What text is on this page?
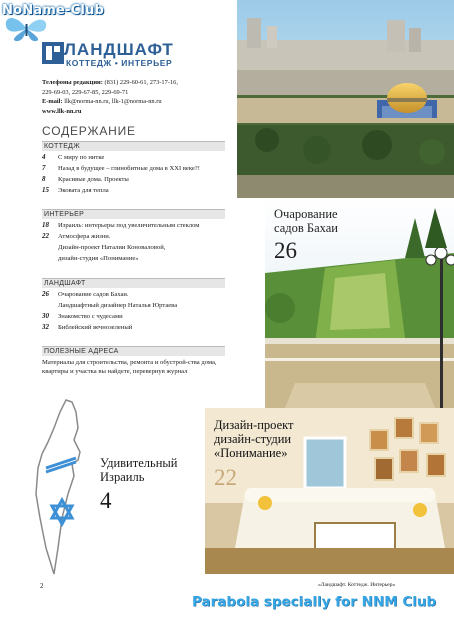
NoName-Club
ЛАНДШАФТ
КОТТЕДЖ • ИНТЕРЬЕР
Телефоны редакции: (831) 229-60-61, 273-17-16,
229-69-03, 229-67-85, 229-69-71
E-mail: llk@norma-nn.ru, llk-1@norma-nn.ru
www.llk-nn.ru
СОДЕРЖАНИЕ
КОТТЕДЖ
4	С миру по нитке
7	Назад в будущее – глинобитные дома в XXI веке?!
8	Красивые дома. Проекты
15	Эковата для тепла
ИНТЕРЬЕР
18	Израиль: интерьеры под увеличительным стеклом
22	Атмосфера жизни.
Дизайн-проект Наталии Коноваловой,
дизайн-студия «Понимание»
ЛАНДШАФТ
26	Очарование садов Бахаи.
Ландшафтный дизайнер Наталья Юртаева
30	Знакомство с чудесами
32	Библейский вечнозеленый
ПОЛЕЗНЫЕ АДРЕСА
Материалы для строительства, ремонта и обустрой-ства дома, квартиры и участка вы найдете, перевернув журнал
Очарование
садов Бахаи
26
Дизайн-проект
дизайн-студии
«Понимание»
22
Удивительный
Израиль
4
2	«Ландшафт. Коттедж. Интерьер»
Parabola specially for NNM Club
